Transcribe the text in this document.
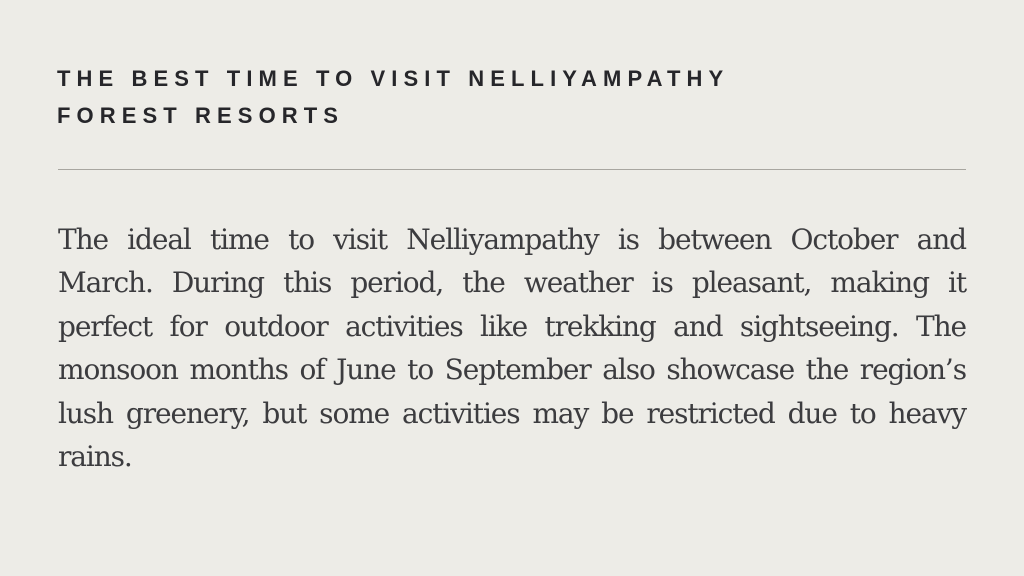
THE BEST TIME TO VISIT NELLIYAMPATHY
FOREST RESORTS

The ideal time to visit Nelliyampathy is between October and March. During this period, the weather is pleasant, making it perfect for outdoor activities like trekking and sightseeing. The monsoon months of June to September also showcase the region’s lush greenery, but some activities may be restricted due to heavy rains.
